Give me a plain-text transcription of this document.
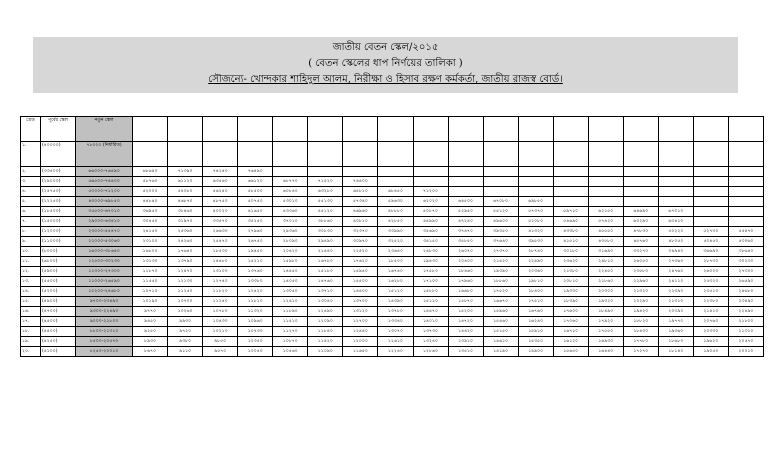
জাতীয় বেতন স্কেল/২০১৫
( বেতন স্কেলের ধাপ নির্ণয়ের তালিকা )
সৌজন্যে- খোন্দকার শাহিদুল আলম, নিরীক্ষা ও হিসাব রক্ষণ কর্মকর্তা, জাতীয় রাজস্ব বোর্ড।
গ্রেড	পূর্বের স্কেল	নতুন স্কেল																		
১.	(৪০০০০)	৭৮০০০ (নির্ধারিত)																		
২.	(৩৩৫০০)	৬৬০০০-৭৬৪৯০	৬৮৬৪০	৭১৩৯০	৭৪২৪০	৭৬৪৯০														
৩.	(২৯০০০)	৫৬৫০০-৭৪৪০০	৫৮৭৬০	৬১১২০	৬৩৫৬০	৬৬১২০	৬৮৭৭০	৭১৫২০	৭৪৪০০											
৪.	(২৫৭৫০)	৫০০০০-৭১২০০	৫২০০০	৫৪০৮০	৫৬২৪০	৫৮৫০০	৬০৮৪০	৬৩২৮০	৬৫৮১০	৬৮৪৫০	৭১২০০									
৫.	(২২২৫০)	৪৩০০০-৬৯৮৫০	৪৪৮৪০	৪৬৮৭০	৪৮৭৫০	৫০৭৫০	৫৩০১০	৫৫১৩০	৫৭৩৪০	৫৯৬৩০	৬২০২০	৬৪৫০০	৬৭০৮০	৬৯৮৫০						
৬.	(১৮৫০০)	৩৫৫০০-৬৭০১০	৩৬৯৫০	৩৮৪৬০	৪০০২০	৪১৬৫০	৪৩৩৬০	৪৫১২০	৪৬৯৬০	৪৮৮৮০	৫০৮৭০	৫২৯৫০	৫৫১২০	৫৭৩৭০	৫৯৭১০	৬২১৫০	৬৪৬৯০	৬৭০১০		
৭.	(১৫০০০)	২৯০০০-৬৩৪১০	৩০৪৫০	৩১৯৭০	৩৩৫৭০	৩৫২৫০	৩৭০১০	৩৮৮৬০	৪০৮১০	৪২৮৫০	৪৪৯৯০	৪৭২৪০	৪৯৬০০	৫২০৮০	৫৪৬৯০	৫৭৪২০	৬০২৯০	৬৩৪১০		
৮.	(১২০০০)	২৩০০০-৫৫৪৭০	২৪১৫০	২৫৩৬০	২৬৬৩০	২৭৯৬০	২৯৩৬০	৩০৮৩০	৩২৩৭০	৩৩৯৯০	৩৫৬৯০	৩৭৪৭০	৩৯৩৫০	৪১৩২০	৪৩৩৮০	৪৫৫৫০	৪৭৮৩০	৫০২২০	৫২৭৩০	৫৫৪৭০
৯.	(১১০০০)	২২০০০-৫৩০৬০	২৩১০০	২৪২৬০	২৫৪৭০	২৬৭৫০	২৮০৯০	২৯৪৯০	৩০৯৭০	৩২৫২০	৩৪১৫০	৩৫৮৫০	৩৭৬৪০	৩৯৫৩০	৪১৫১০	৪৩৫৮০	৪৫৭৬০	৪৮০৫০	৫০৪৫০	৫৩০৬০
১০.	(৮০০০)	১৬০০০-৩৮৬৪০	১৬৮০০	১৭৬৪০	১৮৫৩০	১৯৪৫০	২০৪২০	২১৪৪০	২২৫২০	২৩৬৪০	২৪৮৩০	২৬০৭০	২৭৩৭০	২৮৭৪০	৩০১৮০	৩১৬৯০	৩৩২৭০	৩৪৯৪০	৩৬৬৯০	৩৮৬৪০
১১.	(৬৮০০)	১২৫০০-৩০২৩০	১৩১৩০	১৩৭৯০	১৪৪৮০	১৫২১০	১৫৯৮০	১৬৭৮০	১৭৬২০	১৮৫০০	১৯৪৩০	২০৪০০	২১৪২০	২২৪৯০	২৩৬২০	২৪৮১০	২৬০৫০	২৭৩৬০	২৮৭৩০	৩০২৩০
১২.	(৫৯০০)	১১৩০০-২৭৩০০	১১৮৭০	১২৪৭০	১৩১০০	১৩৭৬০	১৪৪৫০	১৫১৮০	১৫৯৪০	১৬৭৪০	১৭৫৮০	১৮৪৬০	১৯৩৯০	২০৩৬০	২১৩৮০	২২৪৫০	২৩৫৮০	২৪৭৬০	২৬০০০	২৭৩০০
১৩.	(৫৫০০)	১১০০০-২৬৫৯০	১১৫৫০	১২১৩০	১২৭৪০	১৩৩৮০	১৪০৫০	১৪৭৬০	১৫৫০০	১৬২৮০	১৭১০০	১৭৯৬০	১৮৮৬০	১৯৮১০	২০৮১০	২১৮৬০	২২৯৬০	২৪১১০	২৫৩২০	২৬৫৯০
১৪.	(৫২০০)	১০২০০-২৪৬৮০	১০৭১০	১১২৫০	১১৮২০	১২৪২০	১৩০৫০	১৩৭১০	১৪৪০০	১৫১২০	১৫৮৮০	১৬৬৮০	১৭৫২০	১৮৪০০	১৯৩৩০	২০৩০০	২১৩২০	২২৩৯০	২৩৫১০	২৪৬৮০
১৫.	(৪৯০০)	৯৭০০-২৩৪৯০	১০১৯০	১০৭০০	১১২৪০	১১৮১০	১২৪১০	১৩০৪০	১৩৭০০	১৪৩৯০	১৫১১০	১৫৮৭০	১৬৬৭০	১৭৫১০	১৮৩৯০	১৯৩২০	২০২৯০	২১৩১০	২২৩৮০	২৩৪৯০
১৬.	(৪৭০০)	৯৩০০-২২৪৯০	৯৭৭০	১০২৬০	১০৭৮০	১১৩২০	১১৮৯০	১২৪৯০	১৩১২০	১৩৭৮০	১৪৪৭০	১৫২০০	১৫৯৬০	১৬৭৬০	১৭৬০০	১৮৪৯০	১৯৪২০	২০৩৯০	২১৪১০	২২৪৯০
১৭.	(৪৫০০)	৯০০০-২১৮০০	৯৪৫০	৯৯৩০	১০৪৩০	১০৯৬০	১১৫১০	১২০৯০	১২৭০০	১৩৩৪০	১৪০১০	১৪৭২০	১৫৪৬০	১৬২৪০	১৭০৬০	১৭৯২০	১৮৮২০	১৯৭৭০	২০৭৬০	২১৮০০
১৮.	(৪৪০০)	৮৮০০-২১৩১০	৯২৫০	৯৭২০	১০২১০	১০৭৩০	১১২৭০	১১৮৪০	১২৪৪০	১৩০৭০	১৩৭৩০	১৪৪২০	১৫১৫০	১৫৯১০	১৬৭১০	১৭৫৫০	১৮৪৩০	১৯৩৬০	২০৩৩০	২১৩১০
১৯.	(৪২৫০)	৮৫০০-২০৫৭০	৮৯৩০	৯৩৮০	৯৮৫০	১০৩৫০	১০৮৭০	১১৪২০	১২০০০	১২৬১০	১৩২৪০	১৩৯১০	১৪৬১০	১৫৩৫০	১৬১২০	১৬৯৩০	১৭৭৮০	১৮৬৮০	১৯৬২০	২০৫৭০
২০.	(৪১০০)	৮২৫০-২০০১০	৮৬৭০	৯১১০	৯৫৭০	১০০৫০	১০৫৬০	১১০৯০	১১৬৫০	১২২৪০	১২৮৬০	১৩৫১০	১৪১৯০	১৪৯০০	১৫৬৫০	১৬৪৪০	১৭২৭০	১৮১৪০	১৯০৫০	২০০১০
